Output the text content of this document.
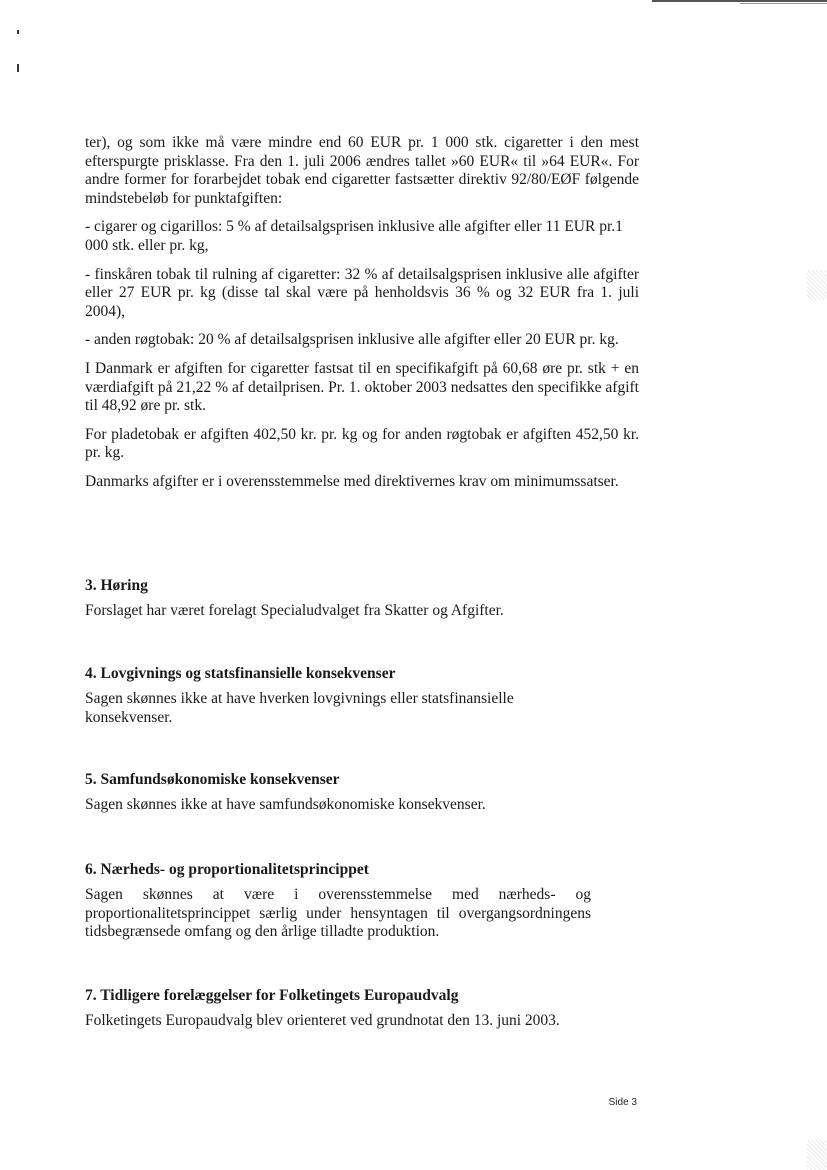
ter), og som ikke må være mindre end 60 EUR pr. 1 000 stk. cigaretter i den mest efterspurgte prisklasse. Fra den 1. juli 2006 ændres tallet »60 EUR« til »64 EUR«. For andre former for forarbejdet tobak end cigaretter fastsætter direktiv 92/80/EØF følgende mindstebeløb for punktafgiften:

- cigarer og cigarillos: 5 % af detailsalgsprisen inklusive alle afgifter eller 11 EUR pr.1 000 stk. eller pr. kg,

- finskåren tobak til rulning af cigaretter: 32 % af detailsalgsprisen inklusive alle afgifter eller 27 EUR pr. kg (disse tal skal være på henholdsvis 36 % og 32 EUR fra 1. juli 2004),

- anden røgtobak: 20 % af detailsalgsprisen inklusive alle afgifter eller 20 EUR pr. kg.

I Danmark er afgiften for cigaretter fastsat til en specifikafgift på 60,68 øre pr. stk + en værdiafgift på 21,22 % af detailprisen. Pr. 1. oktober 2003 nedsattes den specifikke afgift til 48,92 øre pr. stk.

For pladetobak er afgiften 402,50 kr. pr. kg og for anden røgtobak er afgiften 452,50 kr. pr. kg.

Danmarks afgifter er i overensstemmelse med direktivernes krav om minimumssatser.

3. Høring

Forslaget har været forelagt Specialudvalget fra Skatter og Afgifter.

4. Lovgivnings og statsfinansielle konsekvenser

Sagen skønnes ikke at have hverken lovgivnings eller statsfinansielle konsekvenser.

5. Samfundsøkonomiske konsekvenser

Sagen skønnes ikke at have samfundsøkonomiske konsekvenser.

6. Nærheds- og proportionalitetsprincippet

Sagen skønnes at være i overensstemmelse med nærheds- og proportionalitetsprincippet særlig under hensyntagen til overgangsordningens tidsbegrænsede omfang og den årlige tilladte produktion.

7. Tidligere forelæggelser for Folketingets Europaudvalg

Folketingets Europaudvalg blev orienteret ved grundnotat den 13. juni 2003.

Side 3
